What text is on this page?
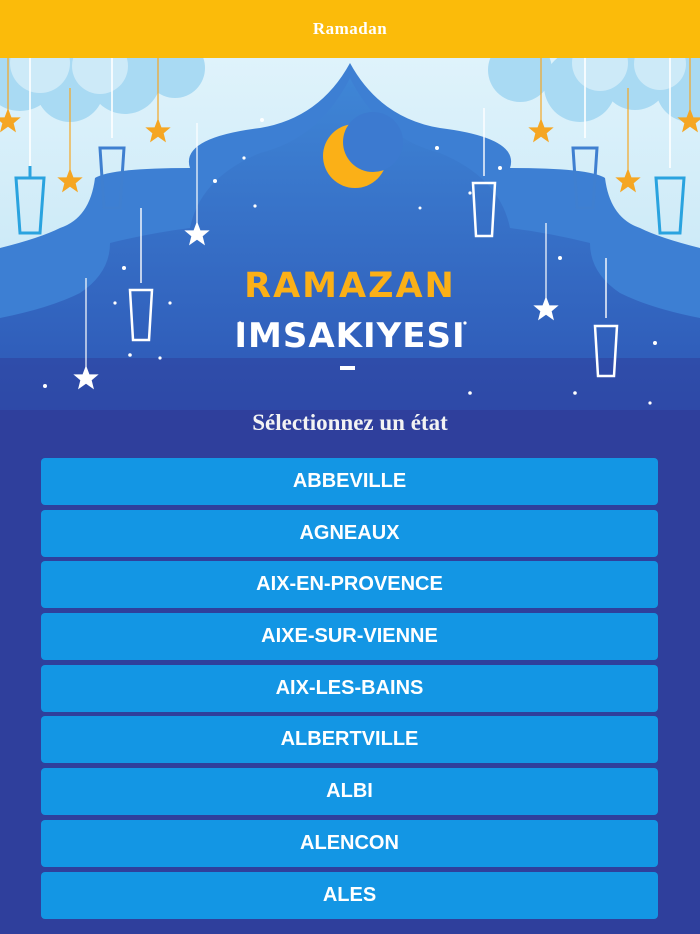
Ramadan
RAMAZAN
IMSAKIYESI
Sélectionnez un état
ABBEVILLE
AGNEAUX
AIX-EN-PROVENCE
AIXE-SUR-VIENNE
AIX-LES-BAINS
ALBERTVILLE
ALBI
ALENCON
ALES
